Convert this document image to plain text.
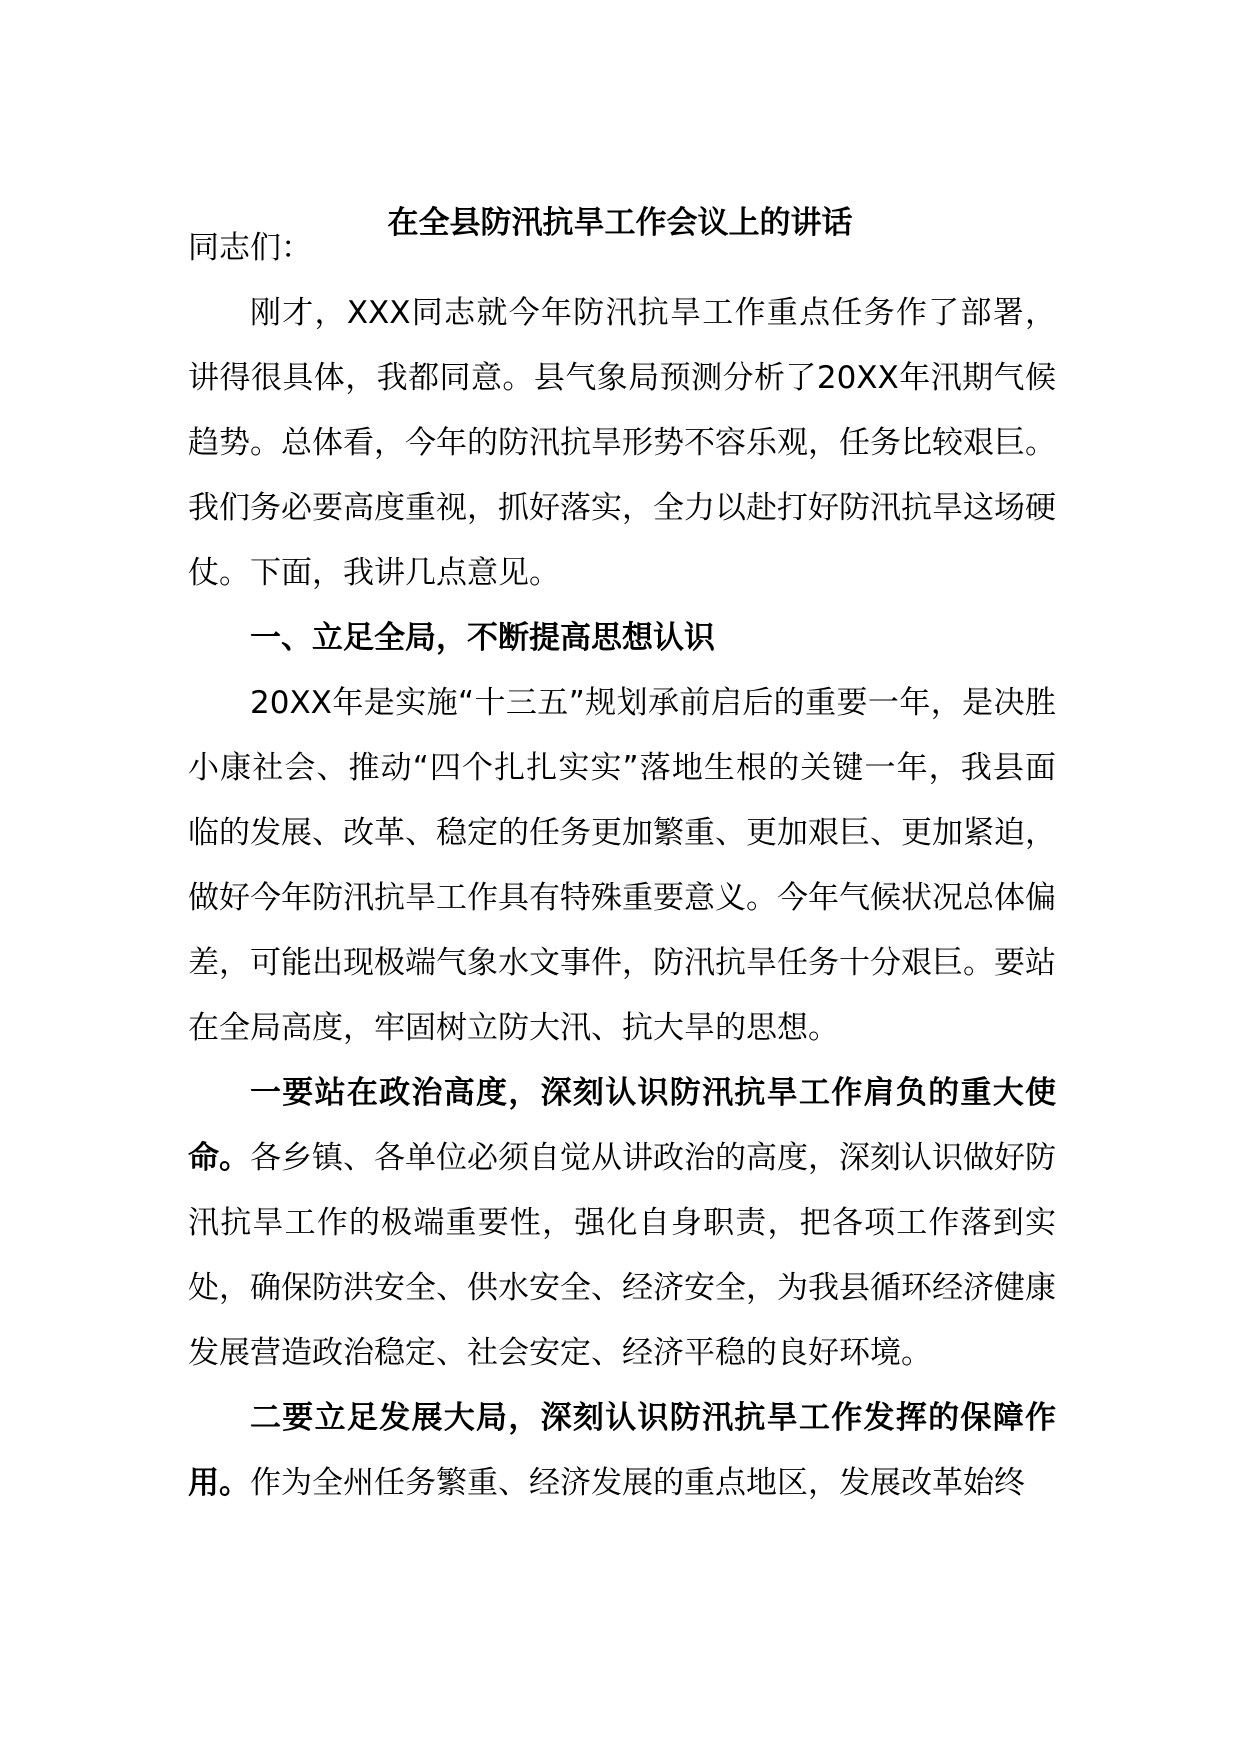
在全县防汛抗旱工作会议上的讲话

同志们：

刚才，XXX同志就今年防汛抗旱工作重点任务作了部署，讲得很具体，我都同意。县气象局预测分析了20XX年汛期气候趋势。总体看，今年的防汛抗旱形势不容乐观，任务比较艰巨。我们务必要高度重视，抓好落实，全力以赴打好防汛抗旱这场硬仗。下面，我讲几点意见。

一、立足全局，不断提高思想认识

20XX年是实施“十三五”规划承前启后的重要一年，是决胜小康社会、推动“四个扎扎实实”落地生根的关键一年，我县面临的发展、改革、稳定的任务更加繁重、更加艰巨、更加紧迫，做好今年防汛抗旱工作具有特殊重要意义。今年气候状况总体偏差，可能出现极端气象水文事件，防汛抗旱任务十分艰巨。要站在全局高度，牢固树立防大汛、抗大旱的思想。

一要站在政治高度，深刻认识防汛抗旱工作肩负的重大使命。各乡镇、各单位必须自觉从讲政治的高度，深刻认识做好防汛抗旱工作的极端重要性，强化自身职责，把各项工作落到实处，确保防洪安全、供水安全、经济安全，为我县循环经济健康发展营造政治稳定、社会安定、经济平稳的良好环境。

二要立足发展大局，深刻认识防汛抗旱工作发挥的保障作用。作为全州任务繁重、经济发展的重点地区，发展改革始终
